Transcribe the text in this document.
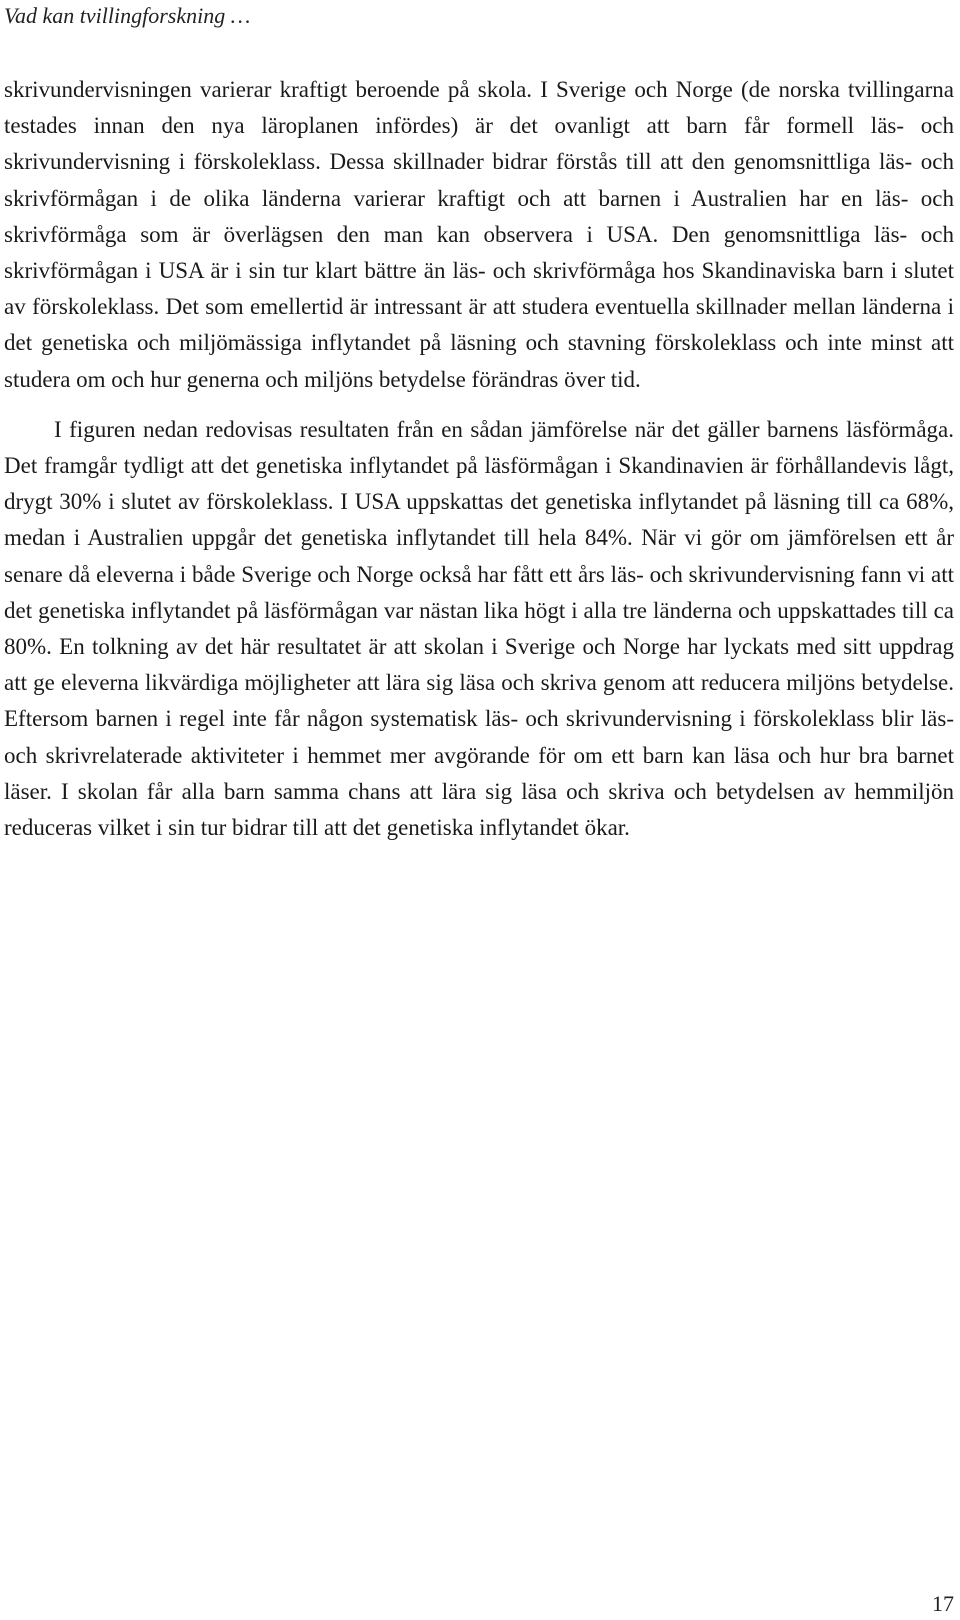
Vad kan tvillingforskning …

skrivundervisningen varierar kraftigt beroende på skola. I Sverige och Norge (de norska tvillingarna testades innan den nya läroplanen infördes) är det ovanligt att barn får formell läs- och skrivundervisning i förskoleklass. Dessa skillnader bidrar förstås till att den genomsnittliga läs- och skrivförmågan i de olika länderna varierar kraftigt och att barnen i Australien har en läs- och skrivförmåga som är överlägsen den man kan observera i USA. Den genomsnittliga läs- och skrivförmågan i USA är i sin tur klart bättre än läs- och skrivförmåga hos Skandinaviska barn i slutet av förskoleklass. Det som emellertid är intressant är att studera eventuella skillnader mellan länderna i det genetiska och miljömässiga inflytandet på läsning och stavning förskoleklass och inte minst att studera om och hur generna och miljöns betydelse förändras över tid.

I figuren nedan redovisas resultaten från en sådan jämförelse när det gäller barnens läsförmåga. Det framgår tydligt att det genetiska inflytandet på läsförmågan i Skandinavien är förhållandevis lågt, drygt 30% i slutet av förskoleklass. I USA uppskattas det genetiska inflytandet på läsning till ca 68%, medan i Australien uppgår det genetiska inflytandet till hela 84%. När vi gör om jämförelsen ett år senare då eleverna i både Sverige och Norge också har fått ett års läs- och skrivundervisning fann vi att det genetiska inflytandet på läsförmågan var nästan lika högt i alla tre länderna och uppskattades till ca 80%. En tolkning av det här resultatet är att skolan i Sverige och Norge har lyckats med sitt uppdrag att ge eleverna likvärdiga möjligheter att lära sig läsa och skriva genom att reducera miljöns betydelse. Eftersom barnen i regel inte får någon systematisk läs- och skrivundervisning i förskoleklass blir läs- och skrivrelaterade aktiviteter i hemmet mer avgörande för om ett barn kan läsa och hur bra barnet läser. I skolan får alla barn samma chans att lära sig läsa och skriva och betydelsen av hemmiljön reduceras vilket i sin tur bidrar till att det genetiska inflytandet ökar.

17
